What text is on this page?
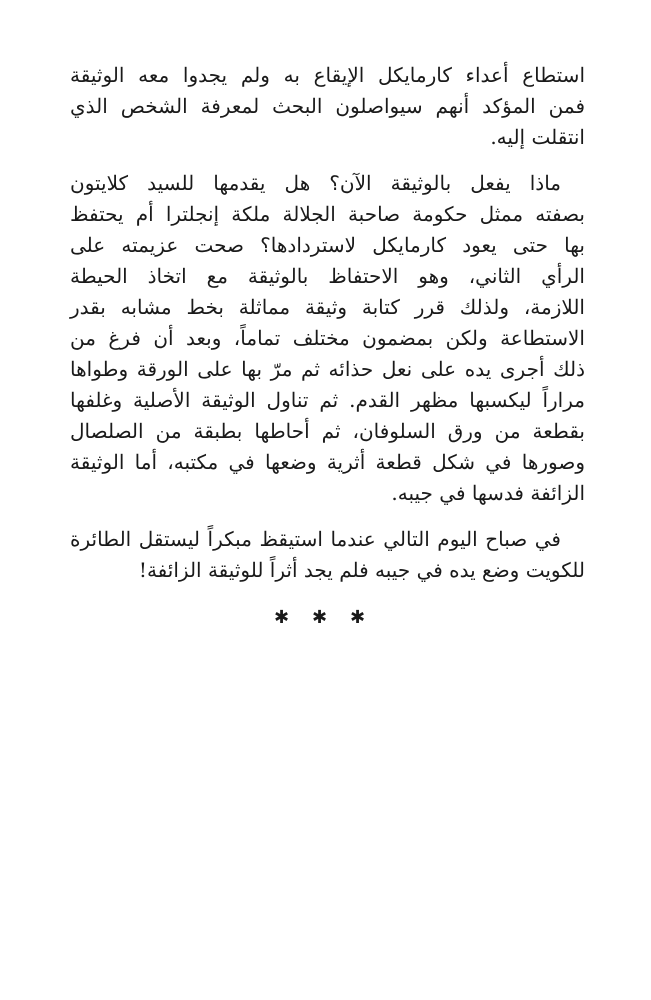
استطاع أعداء كارمايكل الإيقاع به ولم يجدوا معه الوثيقة
فمن المؤكد أنهم سيواصلون البحث لمعرفة الشخص الذي
انتقلت إليه.

ماذا يفعل بالوثيقة الآن؟ هل يقدمها للسيد كلايتون
بصفته ممثل حكومة صاحبة الجلالة ملكة إنجلترا أم يحتفظ
بها حتى يعود كارمايكل لاستردادها؟ صحت عزيمته على
الرأي الثاني، وهو الاحتفاظ بالوثيقة مع اتخاذ الحيطة
اللازمة، ولذلك قرر كتابة وثيقة مماثلة بخط مشابه بقدر
الاستطاعة ولكن بمضمون مختلف تماماً، وبعد أن فرغ من
ذلك أجرى يده على نعل حذائه ثم مرّ بها على الورقة وطواها
مراراً ليكسبها مظهر القدم. ثم تناول الوثيقة الأصلية وغلفها
بقطعة من ورق السلوفان، ثم أحاطها بطبقة من الصلصال
وصورها في شكل قطعة أثرية وضعها في مكتبه، أما الوثيقة
الزائفة فدسها في جيبه.

في صباح اليوم التالي عندما استيقظ مبكراً ليستقل الطائرة
للكويت وضع يده في جيبه فلم يجد أثراً للوثيقة الزائفة!

✱ ✱ ✱
